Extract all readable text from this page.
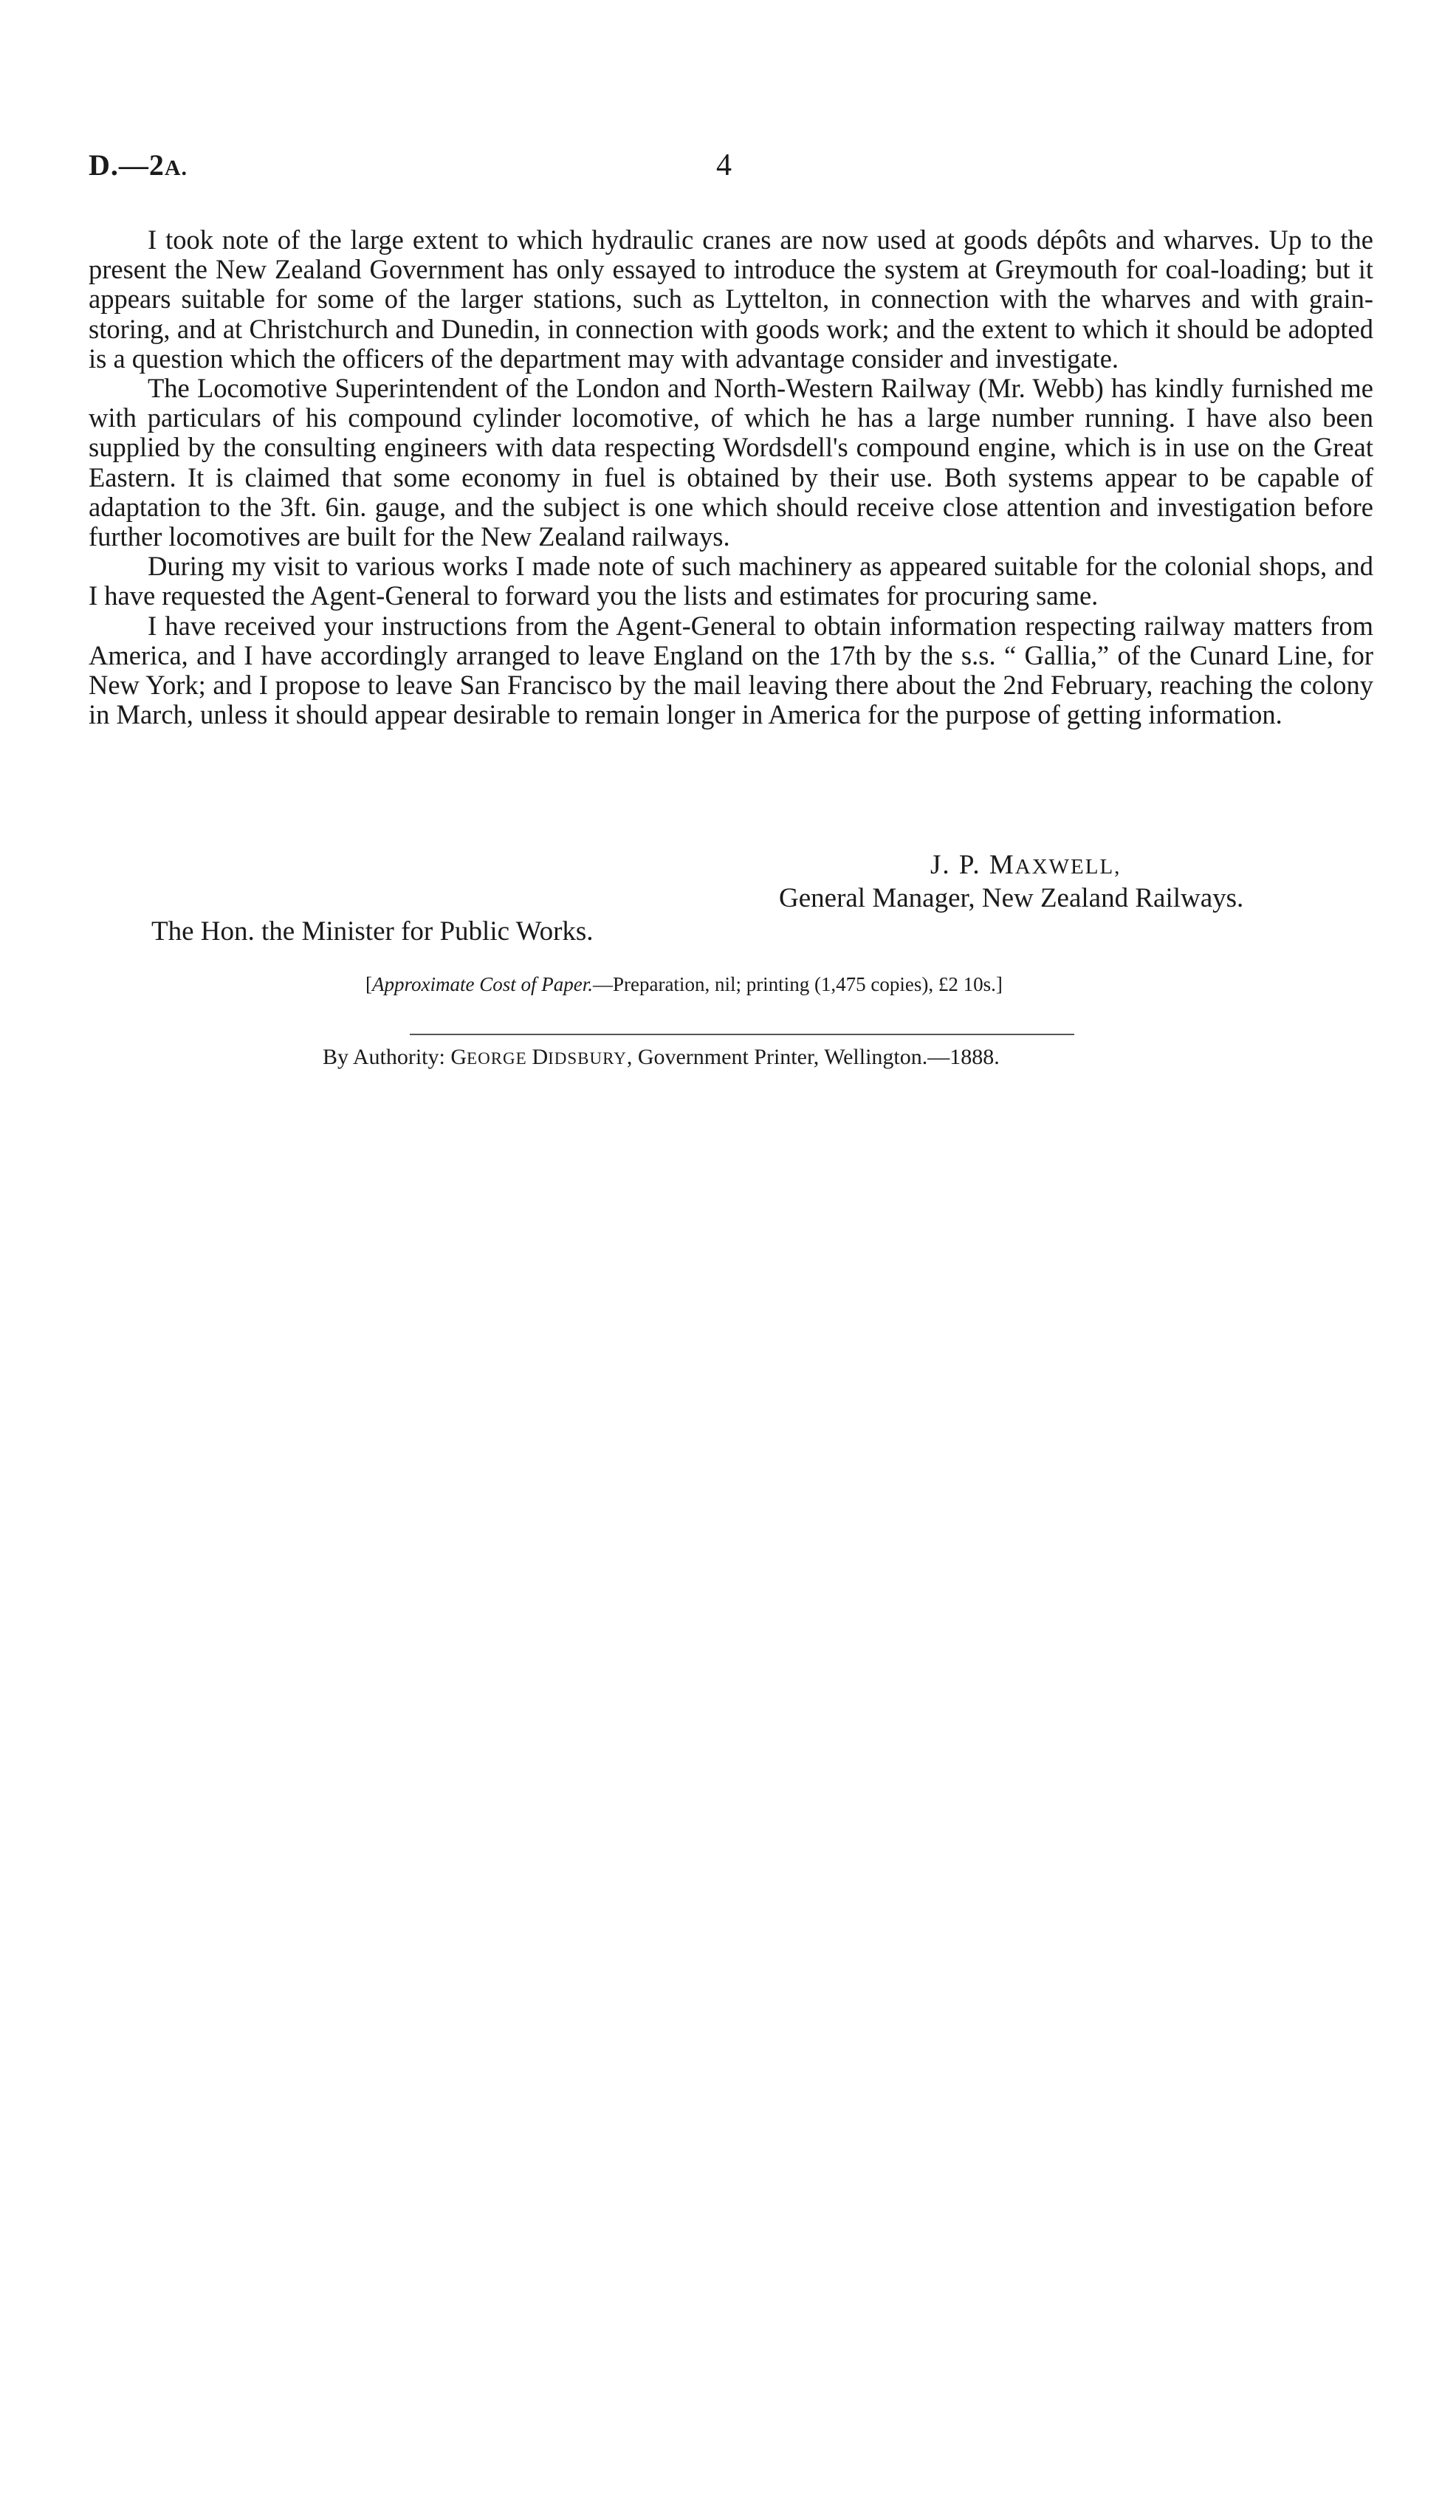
D.—2A.	4

I took note of the large extent to which hydraulic cranes are now used at goods dépôts and wharves. Up to the present the New Zealand Government has only essayed to introduce the system at Greymouth for coal-loading; but it appears suitable for some of the larger stations, such as Lyttelton, in connection with the wharves and with grain-storing, and at Christchurch and Dunedin, in connection with goods work; and the extent to which it should be adopted is a question which the officers of the department may with advantage consider and investigate.

The Locomotive Superintendent of the London and North-Western Railway (Mr. Webb) has kindly furnished me with particulars of his compound cylinder locomotive, of which he has a large number running. I have also been supplied by the consulting engineers with data respecting Wordsdell's compound engine, which is in use on the Great Eastern. It is claimed that some economy in fuel is obtained by their use. Both systems appear to be capable of adaptation to the 3ft. 6in. gauge, and the subject is one which should receive close attention and investigation before further locomotives are built for the New Zealand railways.

During my visit to various works I made note of such machinery as appeared suitable for the colonial shops, and I have requested the Agent-General to forward you the lists and estimates for procuring same.

I have received your instructions from the Agent-General to obtain information respecting railway matters from America, and I have accordingly arranged to leave England on the 17th by the s.s. “ Gallia,” of the Cunard Line, for New York; and I propose to leave San Francisco by the mail leaving there about the 2nd February, reaching the colony in March, unless it should appear desirable to remain longer in America for the purpose of getting information.

J. P. MAXWELL,
General Manager, New Zealand Railways.
The Hon. the Minister for Public Works.
[Approximate Cost of Paper.—Preparation, nil; printing (1,475 copies), £2 10s.]
By Authority: GEORGE DIDSBURY, Government Printer, Wellington.—1888.
